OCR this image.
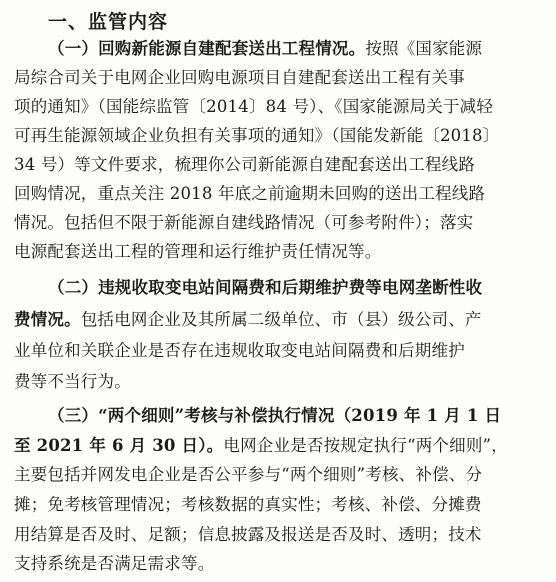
一、监管内容
（一）回购新能源自建配套送出工程情况。按照《国家能源
局综合司关于电网企业回购电源项目自建配套送出工程有关事
项的通知》（国能综监管〔2014〕84 号）、《国家能源局关于减轻
可再生能源领域企业负担有关事项的通知》（国能发新能〔2018〕
34 号）等文件要求，梳理你公司新能源自建配套送出工程线路
回购情况，重点关注 2018 年底之前逾期未回购的送出工程线路
情况。包括但不限于新能源自建线路情况（可参考附件）；落实
电源配套送出工程的管理和运行维护责任情况等。
（二）违规收取变电站间隔费和后期维护费等电网垄断性收
费情况。包括电网企业及其所属二级单位、市（县）级公司、产
业单位和关联企业是否存在违规收取变电站间隔费和后期维护
费等不当行为。
（三）“两个细则”考核与补偿执行情况（2019 年 1 月 1 日
至 2021 年 6 月 30 日）。电网企业是否按规定执行“两个细则”，
主要包括并网发电企业是否公平参与“两个细则”考核、补偿、分
摊；免考核管理情况；考核数据的真实性；考核、补偿、分摊费
用结算是否及时、足额；信息披露及报送是否及时、透明；技术
支持系统是否满足需求等。
